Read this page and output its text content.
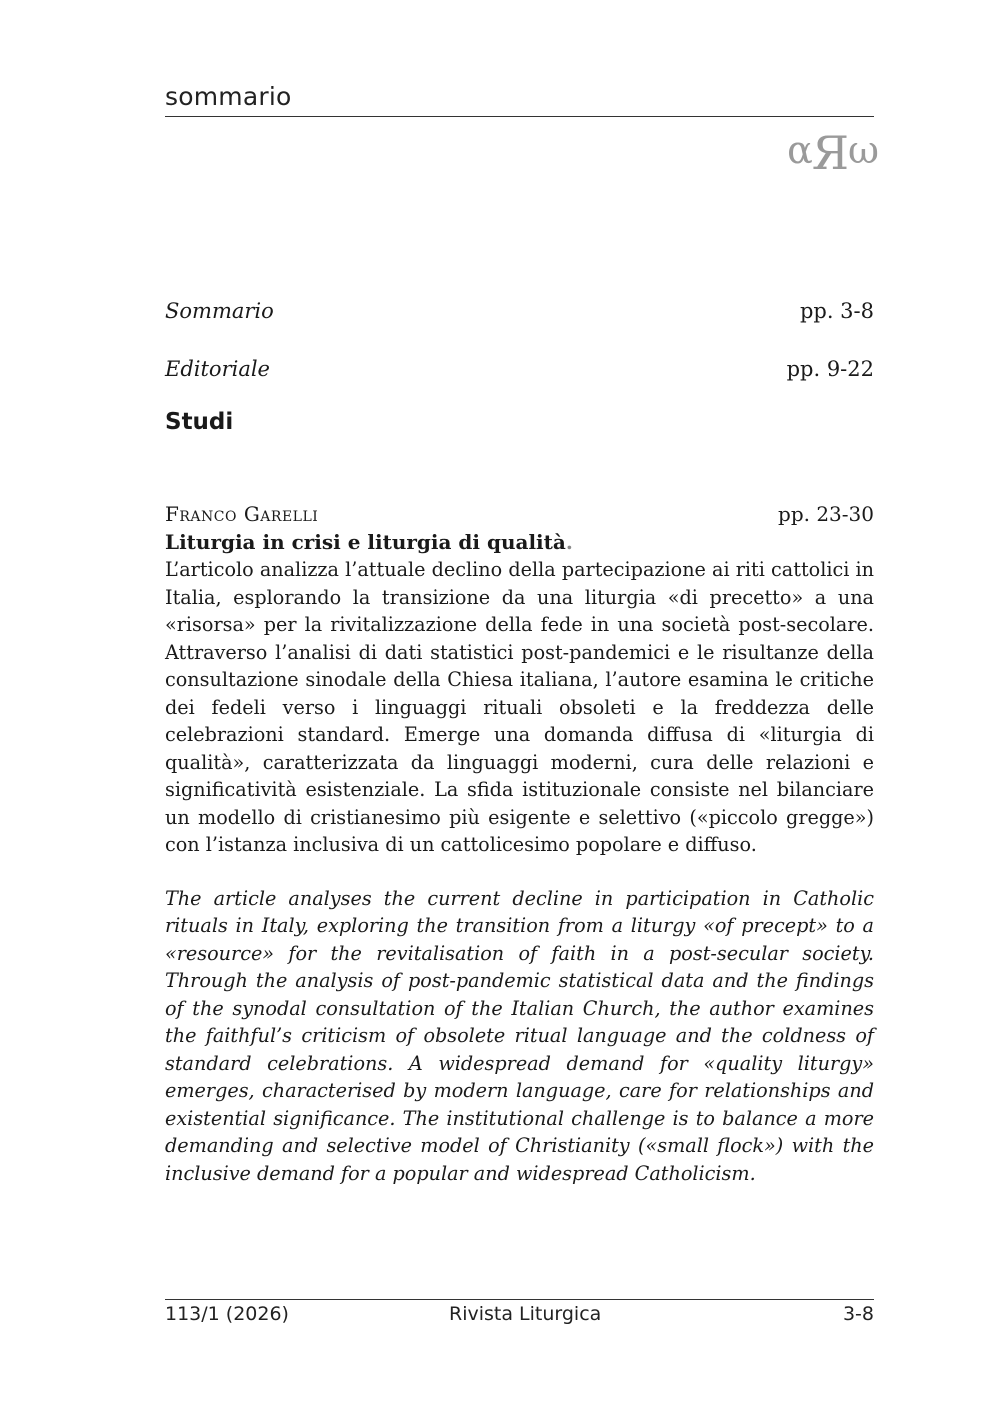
sommario
α Я ω
Sommario	pp. 3-8
Editoriale	pp. 9-22
Studi
Franco Garelli	pp. 23-30
Liturgia in crisi e liturgia di qualità.

L’articolo analizza l’attuale declino della partecipazione ai riti cattolici in Italia, esplorando la transizione da una liturgia «di precetto» a una «risorsa» per la rivitalizzazione della fede in una società post-secolare. Attraverso l’analisi di dati statistici post-pandemici e le risultanze della consultazione sinodale della Chiesa italiana, l’autore esamina le critiche dei fedeli verso i linguaggi rituali obsoleti e la freddezza delle celebrazioni standard. Emerge una domanda diffusa di «liturgia di qualità», caratterizzata da linguaggi moderni, cura delle relazioni e significatività esistenziale. La sfida istituzionale consiste nel bilanciare un modello di cristianesimo più esigente e selettivo («piccolo gregge») con l’istanza inclusiva di un cattolicesimo popolare e diffuso.

The article analyses the current decline in participation in Catholic rituals in Italy, exploring the transition from a liturgy «of precept» to a «resource» for the revitalisation of faith in a post-secular society. Through the analysis of post-pandemic statistical data and the findings of the synodal consultation of the Italian Church, the author examines the faithful’s criticism of obsolete ritual language and the coldness of standard celebrations. A widespread demand for «quality liturgy» emerges, characterised by modern language, care for relationships and existential significance. The institutional challenge is to balance a more demanding and selective model of Christianity («small flock») with the inclusive demand for a popular and widespread Catholicism.

113/1 (2026)	Rivista Liturgica	3-8
